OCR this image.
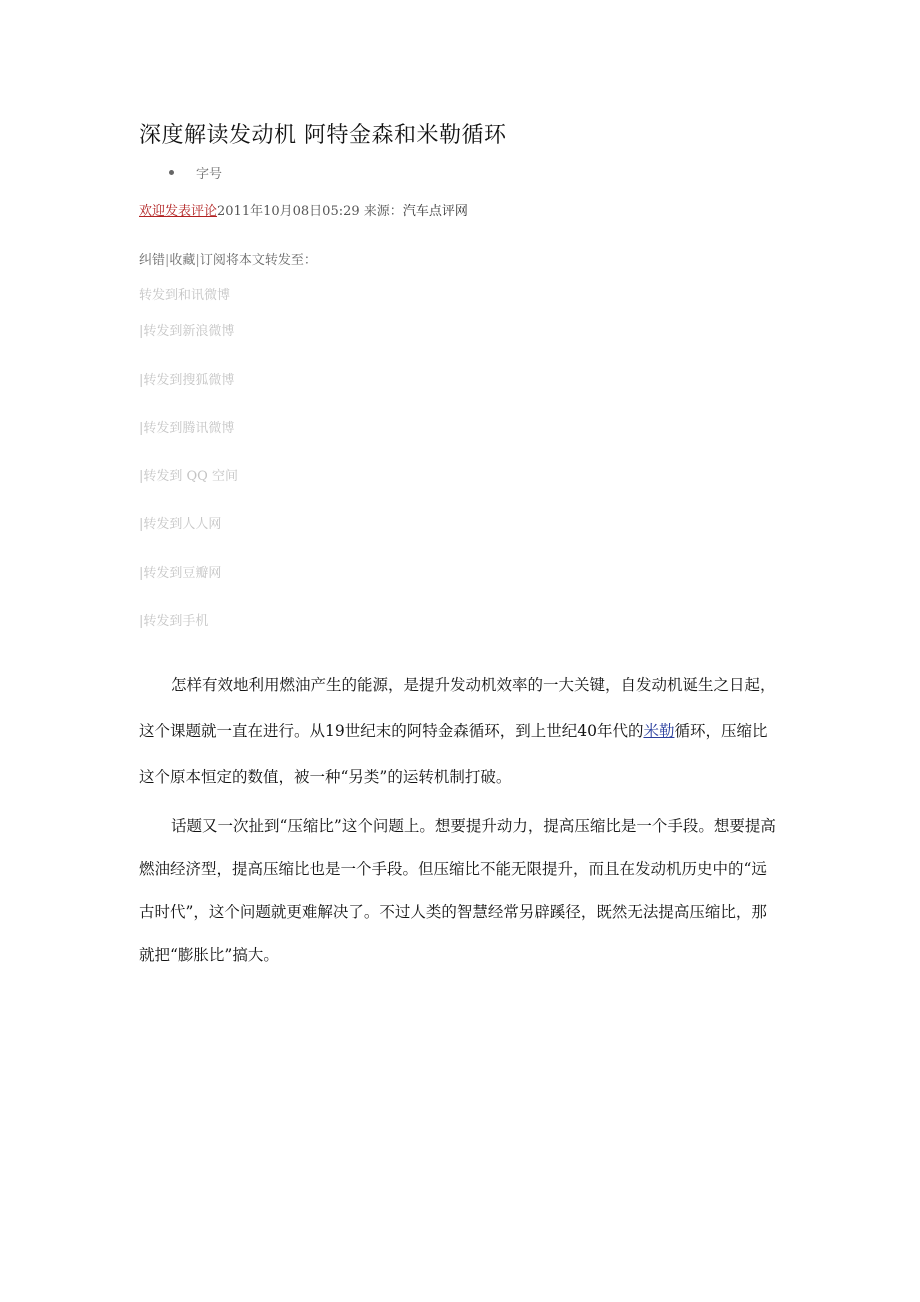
深度解读发动机 阿特金森和米勒循环
字号
欢迎发表评论2011年10月08日05:29 来源：汽车点评网
纠错|收藏|订阅将本文转发至：
转发到和讯微博
|转发到新浪微博
|转发到搜狐微博
|转发到腾讯微博
|转发到 QQ 空间
|转发到人人网
|转发到豆瓣网
|转发到手机

怎样有效地利用燃油产生的能源，是提升发动机效率的一大关键，自发动机诞生之日起，这个课题就一直在进行。从19世纪末的阿特金森循环，到上世纪40年代的米勒循环，压缩比这个原本恒定的数值，被一种“另类”的运转机制打破。

话题又一次扯到“压缩比”这个问题上。想要提升动力，提高压缩比是一个手段。想要提高燃油经济型，提高压缩比也是一个手段。但压缩比不能无限提升，而且在发动机历史中的“远古时代”，这个问题就更难解决了。不过人类的智慧经常另辟蹊径，既然无法提高压缩比，那就把“膨胀比”搞大。
